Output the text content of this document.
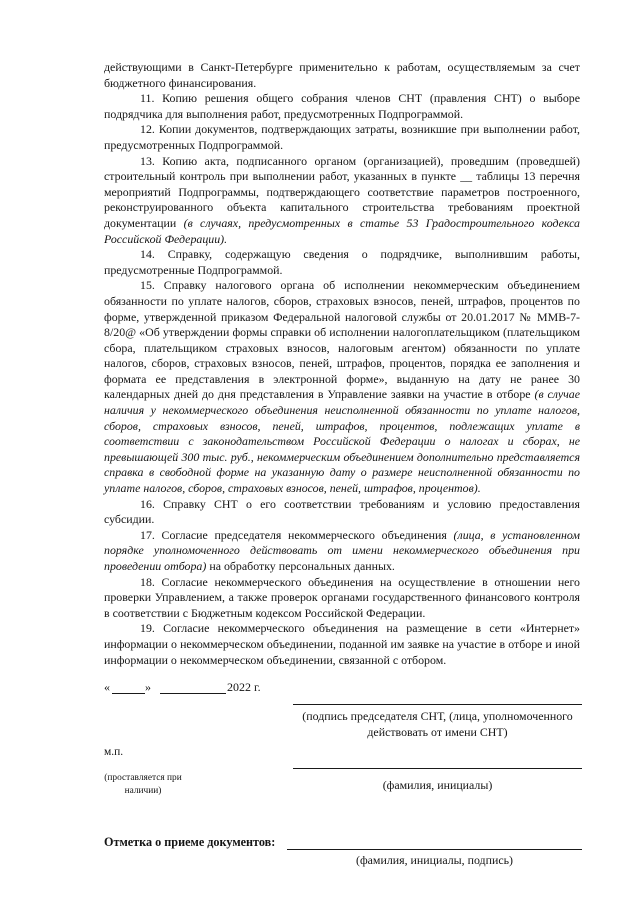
действующими в Санкт-Петербурге применительно к работам, осуществляемым за счет бюджетного финансирования.

11. Копию решения общего собрания членов СНТ (правления СНТ) о выборе подрядчика для выполнения работ, предусмотренных Подпрограммой.

12. Копии документов, подтверждающих затраты, возникшие при выполнении работ, предусмотренных Подпрограммой.

13. Копию акта, подписанного органом (организацией), проведшим (проведшей) строительный контроль при выполнении работ, указанных в пункте __ таблицы 13 перечня мероприятий Подпрограммы, подтверждающего соответствие параметров построенного, реконструированного объекта капитального строительства требованиям проектной документации (в случаях, предусмотренных в статье 53 Градостроительного кодекса Российской Федерации).

14. Справку, содержащую сведения о подрядчике, выполнившим работы, предусмотренные Подпрограммой.

15. Справку налогового органа об исполнении некоммерческим объединением обязанности по уплате налогов, сборов, страховых взносов, пеней, штрафов, процентов по форме, утвержденной приказом Федеральной налоговой службы от 20.01.2017 № ММВ-7-8/20@ «Об утверждении формы справки об исполнении налогоплательщиком (плательщиком сбора, плательщиком страховых взносов, налоговым агентом) обязанности по уплате налогов, сборов, страховых взносов, пеней, штрафов, процентов, порядка ее заполнения и формата ее представления в электронной форме», выданную на дату не ранее 30 календарных дней до дня представления в Управление заявки на участие в отборе (в случае наличия у некоммерческого объединения неисполненной обязанности по уплате налогов, сборов, страховых взносов, пеней, штрафов, процентов, подлежащих уплате в соответствии с законодательством Российской Федерации о налогах и сборах, не превышающей 300 тыс. руб., некоммерческим объединением дополнительно представляется справка в свободной форме на указанную дату о размере неисполненной обязанности по уплате налогов, сборов, страховых взносов, пеней, штрафов, процентов).

16. Справку СНТ о его соответствии требованиям и условию предоставления субсидии.

17. Согласие председателя некоммерческого объединения (лица, в установленном порядке уполномоченного действовать от имени некоммерческого объединения при проведении отбора) на обработку персональных данных.

18. Согласие некоммерческого объединения на осуществление в отношении него проверки Управлением, а также проверок органами государственного финансового контроля в соответствии с Бюджетным кодексом Российской Федерации.

19. Согласие некоммерческого объединения на размещение в сети «Интернет» информации о некоммерческом объединении, поданной им заявке на участие в отборе и иной информации о некоммерческом объединении, связанной с отбором.

«	»	2022 г.
(подпись председателя СНТ, (лица, уполномоченного действовать от имени СНТ)
м.п.
(проставляется при наличии)	(фамилия, инициалы)
Отметка о приеме документов:
(фамилия, инициалы, подпись)
